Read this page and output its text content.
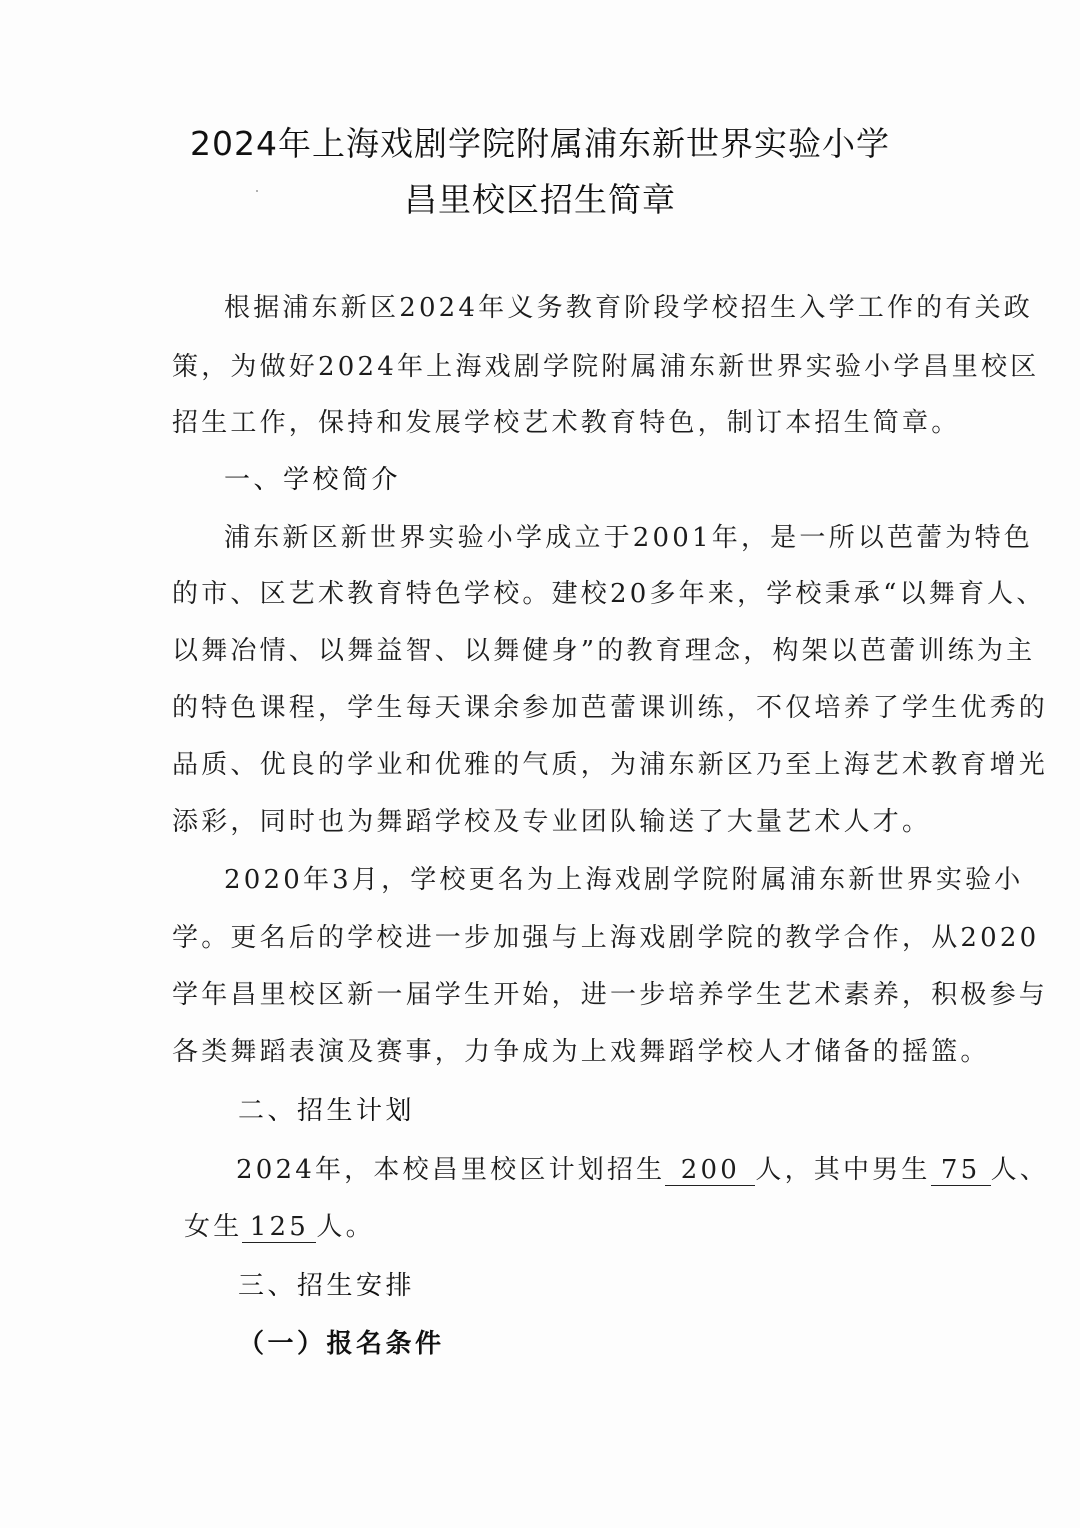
2024年上海戏剧学院附属浦东新世界实验小学
昌里校区招生简章
根据浦东新区2024年义务教育阶段学校招生入学工作的有关政
策，为做好2024年上海戏剧学院附属浦东新世界实验小学昌里校区
招生工作，保持和发展学校艺术教育特色，制订本招生简章。
一、学校简介
浦东新区新世界实验小学成立于2001年，是一所以芭蕾为特色
的市、区艺术教育特色学校。建校20多年来，学校秉承“以舞育人、
以舞冶情、以舞益智、以舞健身”的教育理念，构架以芭蕾训练为主
的特色课程，学生每天课余参加芭蕾课训练，不仅培养了学生优秀的
品质、优良的学业和优雅的气质，为浦东新区乃至上海艺术教育增光
添彩，同时也为舞蹈学校及专业团队输送了大量艺术人才。
2020年3月，学校更名为上海戏剧学院附属浦东新世界实验小
学。更名后的学校进一步加强与上海戏剧学院的教学合作，从2020
学年昌里校区新一届学生开始，进一步培养学生艺术素养，积极参与
各类舞蹈表演及赛事，力争成为上戏舞蹈学校人才储备的摇篮。
二、招生计划
2024年，本校昌里校区计划招生 200 人，其中男生 75 人、
女生 125 人。
三、招生安排
（一）报名条件
